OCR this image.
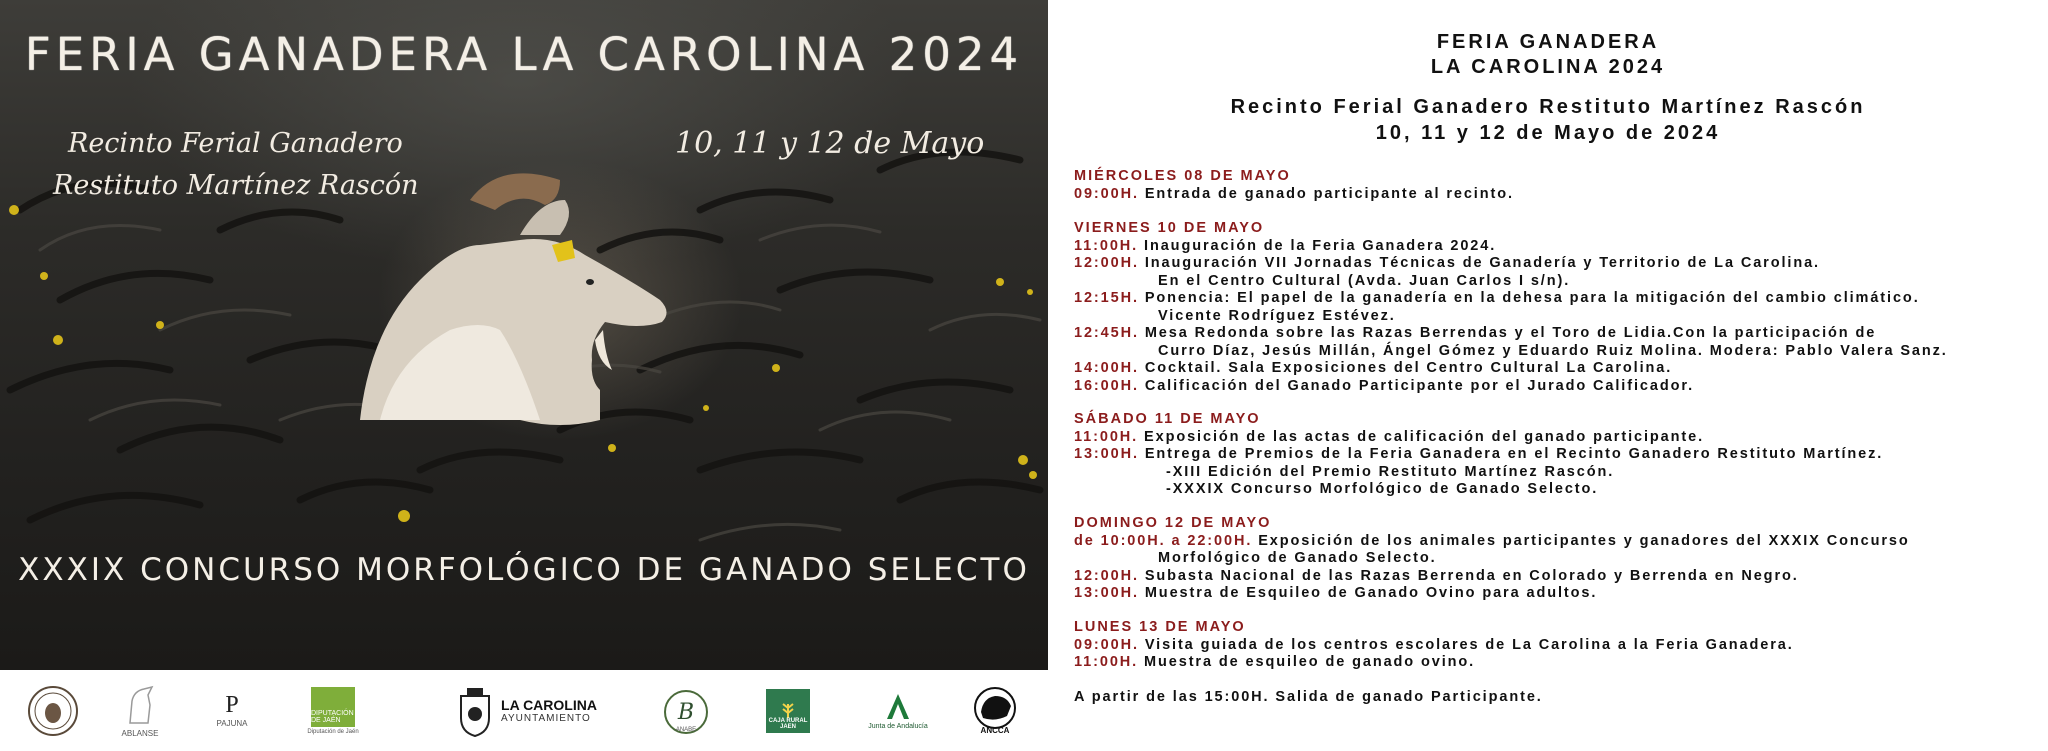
FERIA GANADERA LA CAROLINA 2024
Recinto Ferial Ganadero
Restituto Martínez Rascón
10, 11 y 12 de Mayo
XXXIX CONCURSO MORFOLÓGICO DE GANADO SELECTO
ABLANSE
P
PAJUNA
DIPUTACIÓN DE JAÉN
Diputación de Jaén
LA CAROLINA
AYUNTAMIENTO	B
ANABE
CAJA RURAL
JAEN	Junta de Andalucía	ANCCA
FERIA GANADERA
LA CAROLINA 2024
Recinto Ferial Ganadero Restituto Martínez Rascón
10, 11 y 12 de Mayo de 2024

MIÉRCOLES 08 DE MAYO

09:00H. Entrada de ganado participante al recinto.

VIERNES 10 DE MAYO

11:00H. Inauguración de la Feria Ganadera 2024.

12:00H. Inauguración VII Jornadas Técnicas de Ganadería y Territorio de La Carolina.

En el Centro Cultural (Avda. Juan Carlos I s/n).

12:15H. Ponencia: El papel de la ganadería en la dehesa para la mitigación del cambio climático.

Vicente Rodríguez Estévez.

12:45H. Mesa Redonda sobre las Razas Berrendas y el Toro de Lidia.Con la participación de

Curro Díaz, Jesús Millán, Ángel Gómez y Eduardo Ruiz Molina. Modera: Pablo Valera Sanz.

14:00H. Cocktail. Sala Exposiciones del Centro Cultural La Carolina.

16:00H. Calificación del Ganado Participante por el Jurado Calificador.

SÁBADO 11 DE MAYO

11:00H. Exposición de las actas de calificación del ganado participante.

13:00H. Entrega de Premios de la Feria Ganadera en el Recinto Ganadero Restituto Martínez.

-XIII Edición del Premio Restituto Martínez Rascón.

-XXXIX Concurso Morfológico de Ganado Selecto.

DOMINGO 12 DE MAYO

de 10:00H. a 22:00H. Exposición de los animales participantes y ganadores del XXXIX Concurso

Morfológico de Ganado Selecto.

12:00H. Subasta Nacional de las Razas Berrenda en Colorado y Berrenda en Negro.

13:00H. Muestra de Esquileo de Ganado Ovino para adultos.

LUNES 13 DE MAYO

09:00H. Visita guiada de los centros escolares de La Carolina a la Feria Ganadera.

11:00H. Muestra de esquileo de ganado ovino.

A partir de las 15:00H. Salida de ganado Participante.
